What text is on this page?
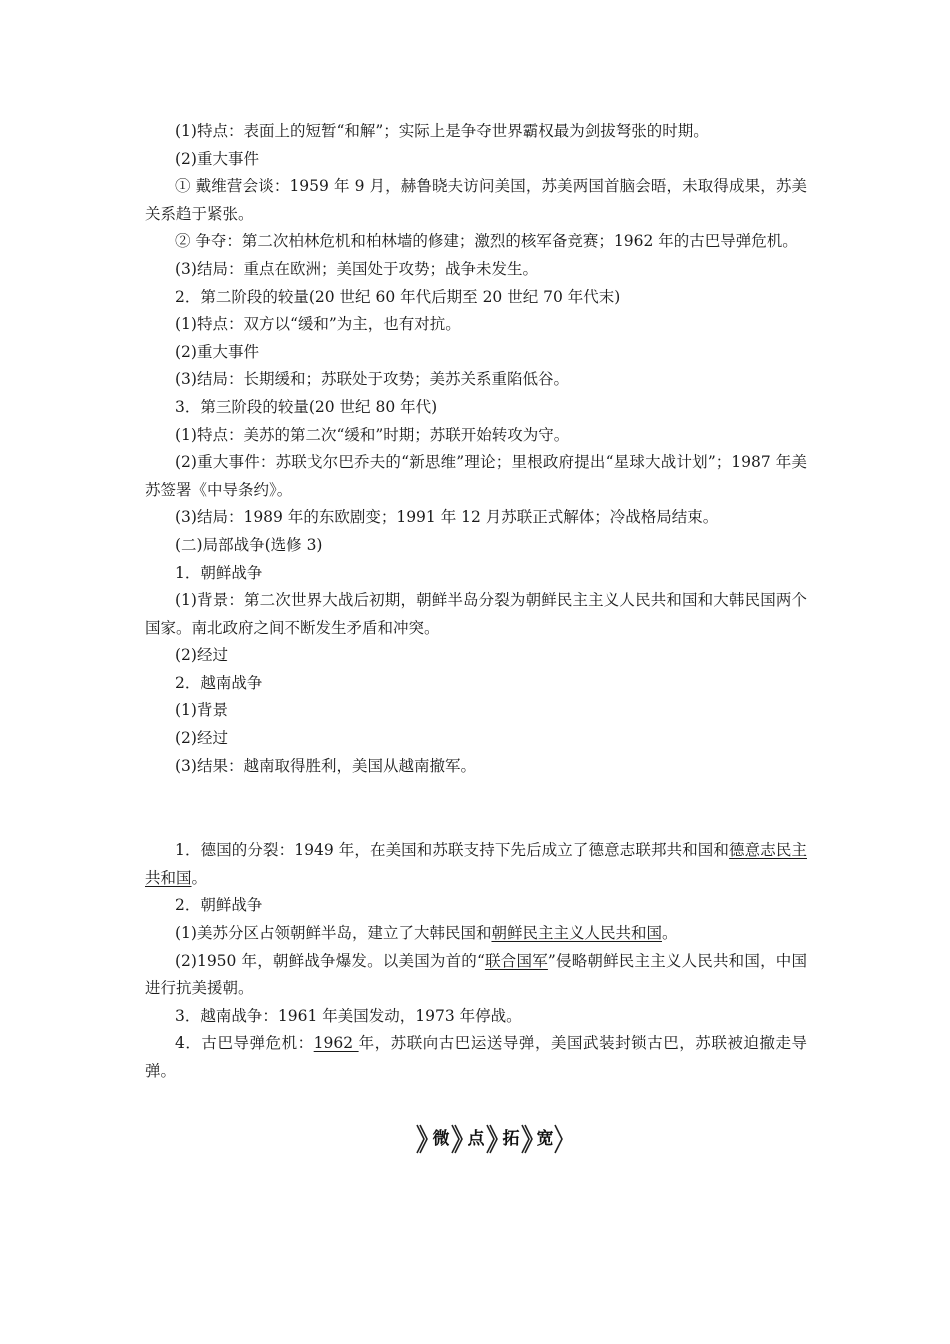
(1)特点：表面上的短暂“和解”；实际上是争夺世界霸权最为剑拔弩张的时期。
(2)重大事件
① 戴维营会谈：1959 年 9 月，赫鲁晓夫访问美国，苏美两国首脑会晤，未取得成果，苏美关系趋于紧张。
② 争夺：第二次柏林危机和柏林墙的修建；激烈的核军备竞赛；1962 年的古巴导弹危机。
(3)结局：重点在欧洲；美国处于攻势；战争未发生。
2．第二阶段的较量(20 世纪 60 年代后期至 20 世纪 70 年代末)
(1)特点：双方以“缓和”为主，也有对抗。
(2)重大事件
(3)结局：长期缓和；苏联处于攻势；美苏关系重陷低谷。
3．第三阶段的较量(20 世纪 80 年代)
(1)特点：美苏的第二次“缓和”时期；苏联开始转攻为守。
(2)重大事件：苏联戈尔巴乔夫的“新思维”理论；里根政府提出“星球大战计划”；1987 年美苏签署《中导条约》。
(3)结局：1989 年的东欧剧变；1991 年 12 月苏联正式解体；冷战格局结束。
(二)局部战争(选修 3)
1．朝鲜战争
(1)背景：第二次世界大战后初期，朝鲜半岛分裂为朝鲜民主主义人民共和国和大韩民国两个国家。南北政府之间不断发生矛盾和冲突。
(2)经过
2．越南战争
(1)背景
(2)经过
(3)结果：越南取得胜利，美国从越南撤军。
1．德国的分裂：1949 年，在美国和苏联支持下先后成立了德意志联邦共和国和德意志民主共和国。
2．朝鲜战争
(1)美苏分区占领朝鲜半岛，建立了大韩民国和朝鲜民主主义人民共和国。
(2)1950 年，朝鲜战争爆发。以美国为首的“联合国军”侵略朝鲜民主主义人民共和国，中国进行抗美援朝。
3．越南战争：1961 年美国发动，1973 年停战。
4．古巴导弹危机：1962 年，苏联向古巴运送导弹，美国武装封锁古巴，苏联被迫撤走导弹。
微	点	拓	宽
